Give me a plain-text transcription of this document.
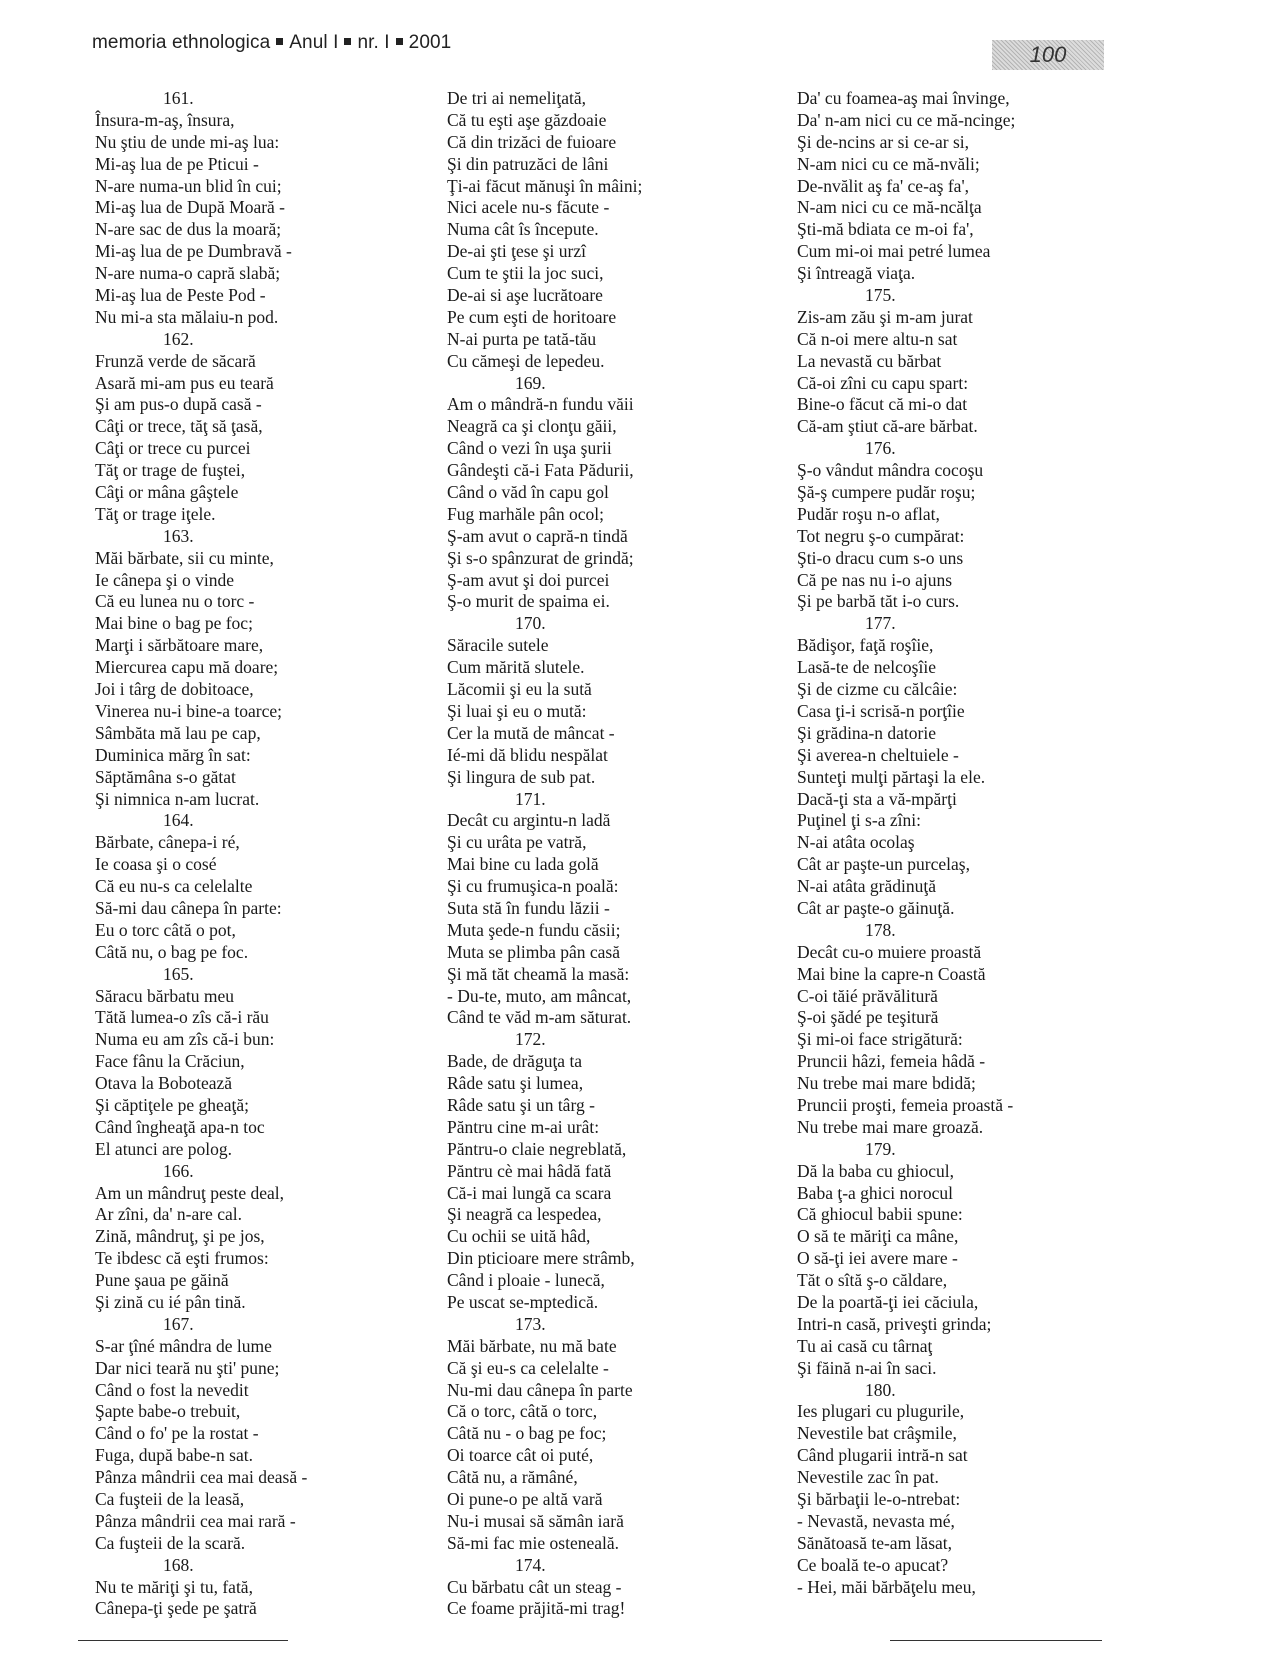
memoria ethnologica Anul I nr. I 2001	100
161.
Însura-m-aş, însura,
Nu ştiu de unde mi-aş lua:
Mi-aş lua de pe Pticui -
N-are numa-un blid în cui;
Mi-aş lua de După Moară -
N-are sac de dus la moară;
Mi-aş lua de pe Dumbravă -
N-are numa-o capră slabă;
Mi-aş lua de Peste Pod -
Nu mi-a sta mălaiu-n pod.
162.
Frunză verde de săcară
Asară mi-am pus eu teară
Şi am pus-o după casă -
Câţi or trece, tăţ să ţasă,
Câţi or trece cu purcei
Tăţ or trage de fuştei,
Câţi or mâna gâştele
Tăţ or trage iţele.
163.
Măi bărbate, sii cu minte,
Ie cânepa şi o vinde
Că eu lunea nu o torc -
Mai bine o bag pe foc;
Marţi i sărbătoare mare,
Miercurea capu mă doare;
Joi i târg de dobitoace,
Vinerea nu-i bine-a toarce;
Sâmbăta mă lau pe cap,
Duminica mărg în sat:
Săptămâna s-o gătat
Şi nimnica n-am lucrat.
164.
Bărbate, cânepa-i ré,
Ie coasa şi o cosé
Că eu nu-s ca celelalte
Să-mi dau cânepa în parte:
Eu o torc câtă o pot,
Câtă nu, o bag pe foc.
165.
Săracu bărbatu meu
Tătă lumea-o zîs că-i rău
Numa eu am zîs că-i bun:
Face fânu la Crăciun,
Otava la Bobotează
Şi căptiţele pe gheaţă;
Când îngheaţă apa-n toc
El atunci are polog.
166.
Am un mândruţ peste deal,
Ar zîni, da' n-are cal.
Zină, mândruţ, şi pe jos,
Te ibdesc că eşti frumos:
Pune şaua pe găină
Şi zină cu ié pân tină.
167.
S-ar ţîné mândra de lume
Dar nici teară nu şti' pune;
Când o fost la nevedit
Şapte babe-o trebuit,
Când o fo' pe la rostat -
Fuga, după babe-n sat.
Pânza mândrii cea mai deasă -
Ca fuşteii de la leasă,
Pânza mândrii cea mai rară -
Ca fuşteii de la scară.
168.
Nu te măriţi şi tu, fată,
Cânepa-ţi şede pe şatră
De tri ai nemeliţată,
Că tu eşti aşe găzdoaie
Că din trizăci de fuioare
Şi din patruzăci de lâni
Ţi-ai făcut mănuşi în mâini;
Nici acele nu-s făcute -
Numa cât îs începute.
De-ai şti ţese şi urzî
Cum te ştii la joc suci,
De-ai si aşe lucrătoare
Pe cum eşti de horitoare
N-ai purta pe tată-tău
Cu cămeşi de lepedeu.
169.
Am o mândră-n fundu văii
Neagră ca şi clonţu găii,
Când o vezi în uşa şurii
Gândeşti că-i Fata Pădurii,
Când o văd în capu gol
Fug marhăle pân ocol;
Ş-am avut o capră-n tindă
Şi s-o spânzurat de grindă;
Ş-am avut şi doi purcei
Ş-o murit de spaima ei.
170.
Săracile sutele
Cum mărită slutele.
Lăcomii şi eu la sută
Şi luai şi eu o mută:
Cer la mută de mâncat -
Ié-mi dă blidu nespălat
Şi lingura de sub pat.
171.
Decât cu argintu-n ladă
Şi cu urâta pe vatră,
Mai bine cu lada golă
Şi cu frumuşica-n poală:
Suta stă în fundu lăzii -
Muta şede-n fundu căsii;
Muta se plimba pân casă
Şi mă tăt cheamă la masă:
- Du-te, muto, am mâncat,
Când te văd m-am săturat.
172.
Bade, de drăguţa ta
Râde satu şi lumea,
Râde satu şi un târg -
Păntru cine m-ai urât:
Păntru-o claie negreblată,
Păntru cè mai hâdă fată
Că-i mai lungă ca scara
Şi neagră ca lespedea,
Cu ochii se uită hâd,
Din pticioare mere strâmb,
Când i ploaie - lunecă,
Pe uscat se-mptedică.
173.
Măi bărbate, nu mă bate
Că şi eu-s ca celelalte -
Nu-mi dau cânepa în parte
Că o torc, câtă o torc,
Câtă nu - o bag pe foc;
Oi toarce cât oi puté,
Câtă nu, a rămâné,
Oi pune-o pe altă vară
Nu-i musai să sămân iară
Să-mi fac mie osteneală.
174.
Cu bărbatu cât un steag -
Ce foame prăjită-mi trag!
Da' cu foamea-aş mai învinge,
Da' n-am nici cu ce mă-ncinge;
Şi de-ncins ar si ce-ar si,
N-am nici cu ce mă-nvăli;
De-nvălit aş fa' ce-aş fa',
N-am nici cu ce mă-ncălţa
Şti-mă bdiata ce m-oi fa',
Cum mi-oi mai petré lumea
Şi întreagă viaţa.
175.
Zis-am zău şi m-am jurat
Că n-oi mere altu-n sat
La nevastă cu bărbat
Că-oi zîni cu capu spart:
Bine-o făcut că mi-o dat
Că-am ştiut că-are bărbat.
176.
Ş-o vândut mândra cocoşu
Şă-ş cumpere pudăr roşu;
Pudăr roşu n-o aflat,
Tot negru ş-o cumpărat:
Şti-o dracu cum s-o uns
Că pe nas nu i-o ajuns
Şi pe barbă tăt i-o curs.
177.
Bădişor, faţă roşîie,
Lasă-te de nelcoşîie
Şi de cizme cu călcâie:
Casa ţi-i scrisă-n porţîie
Şi grădina-n datorie
Şi averea-n cheltuiele -
Sunteţi mulţi părtaşi la ele.
Dacă-ţi sta a vă-mpărţi
Puţinel ţi s-a zîni:
N-ai atâta ocolaş
Cât ar paşte-un purcelaş,
N-ai atâta grădinuţă
Cât ar paşte-o găinuţă.
178.
Decât cu-o muiere proastă
Mai bine la capre-n Coastă
C-oi tăié prăvălitură
Ş-oi şădé pe teşitură
Şi mi-oi face strigătură:
Pruncii hâzi, femeia hâdă -
Nu trebe mai mare bdidă;
Pruncii proşti, femeia proastă -
Nu trebe mai mare groază.
179.
Dă la baba cu ghiocul,
Baba ţ-a ghici norocul
Că ghiocul babii spune:
O să te măriţi ca mâne,
O să-ţi iei avere mare -
Tăt o sîtă ş-o căldare,
De la poartă-ţi iei căciula,
Intri-n casă, priveşti grinda;
Tu ai casă cu târnaţ
Şi făină n-ai în saci.
180.
Ies plugari cu plugurile,
Nevestile bat crâşmile,
Când plugarii intră-n sat
Nevestile zac în pat.
Şi bărbaţii le-o-ntrebat:
- Nevastă, nevasta mé,
Sănătoasă te-am lăsat,
Ce boală te-o apucat?
- Hei, măi bărbăţelu meu,
